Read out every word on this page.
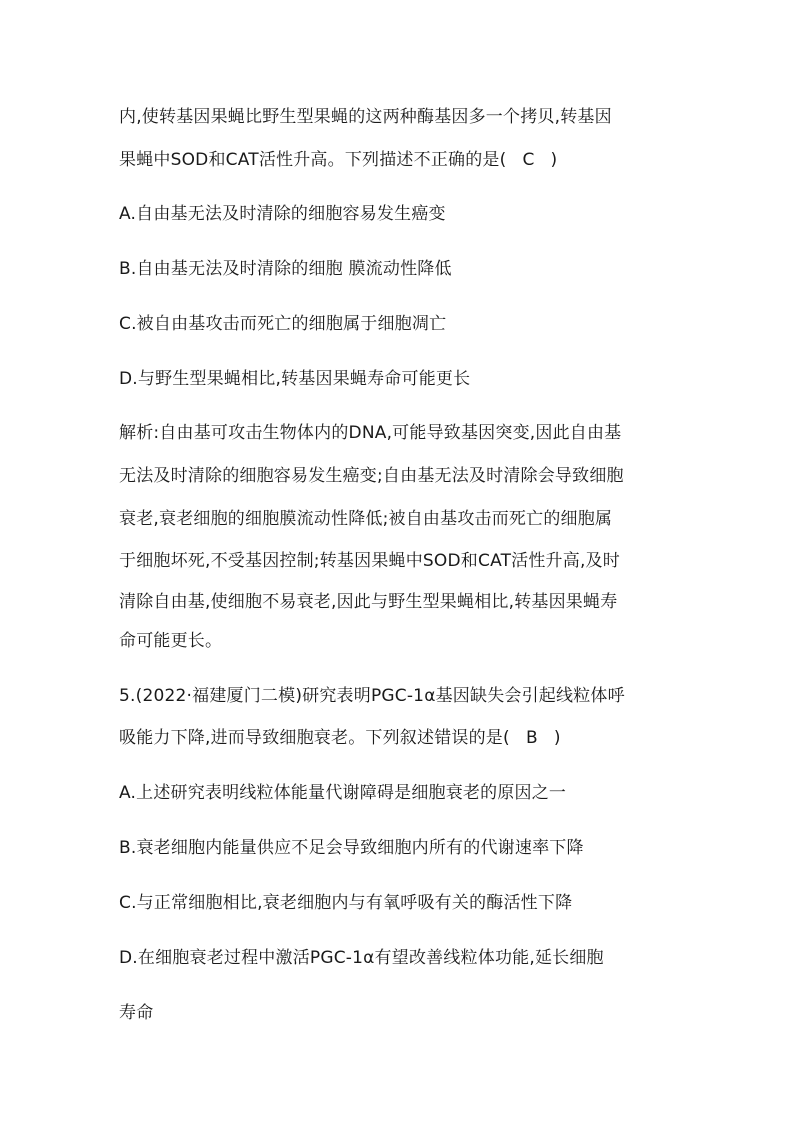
内,使转基因果蝇比野生型果蝇的这两种酶基因多一个拷贝,转基因
果蝇中SOD和CAT活性升高。下列描述不正确的是( C )
A.自由基无法及时清除的细胞容易发生癌变
B.自由基无法及时清除的细胞 膜流动性降低
C.被自由基攻击而死亡的细胞属于细胞凋亡
D.与野生型果蝇相比,转基因果蝇寿命可能更长
解析:自由基可攻击生物体内的DNA,可能导致基因突变,因此自由基
无法及时清除的细胞容易发生癌变;自由基无法及时清除会导致细胞
衰老,衰老细胞的细胞膜流动性降低;被自由基攻击而死亡的细胞属
于细胞坏死,不受基因控制;转基因果蝇中SOD和CAT活性升高,及时
清除自由基,使细胞不易衰老,因此与野生型果蝇相比,转基因果蝇寿
命可能更长。
5.(2022·福建厦门二模)研究表明PGC-1α基因缺失会引起线粒体呼
吸能力下降,进而导致细胞衰老。下列叙述错误的是( B )
A.上述研究表明线粒体能量代谢障碍是细胞衰老的原因之一
B.衰老细胞内能量供应不足会导致细胞内所有的代谢速率下降
C.与正常细胞相比,衰老细胞内与有氧呼吸有关的酶活性下降
D.在细胞衰老过程中激活PGC-1α有望改善线粒体功能,延长细胞
寿命
